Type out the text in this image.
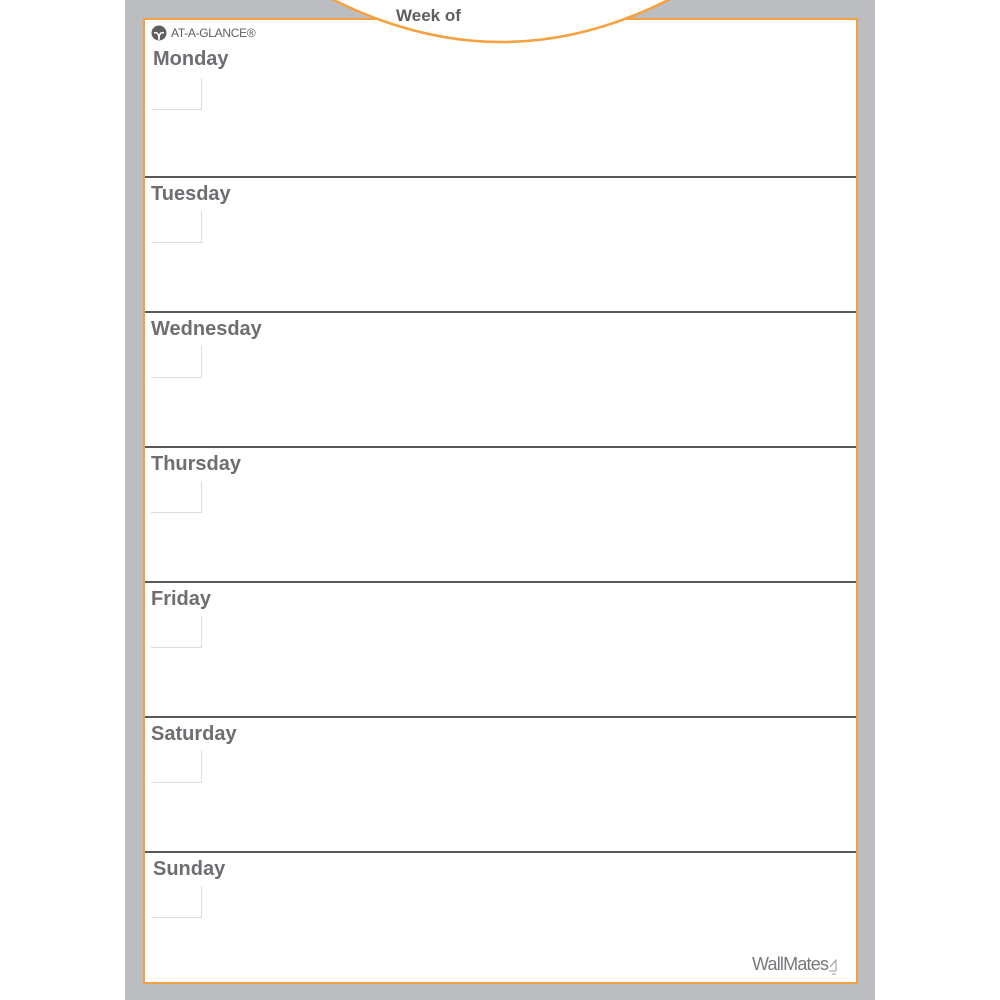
Monday
Tuesday
Wednesday
Thursday
Friday
Saturday
Sunday
Week of
AT-A-GLANCE®
WallMates
